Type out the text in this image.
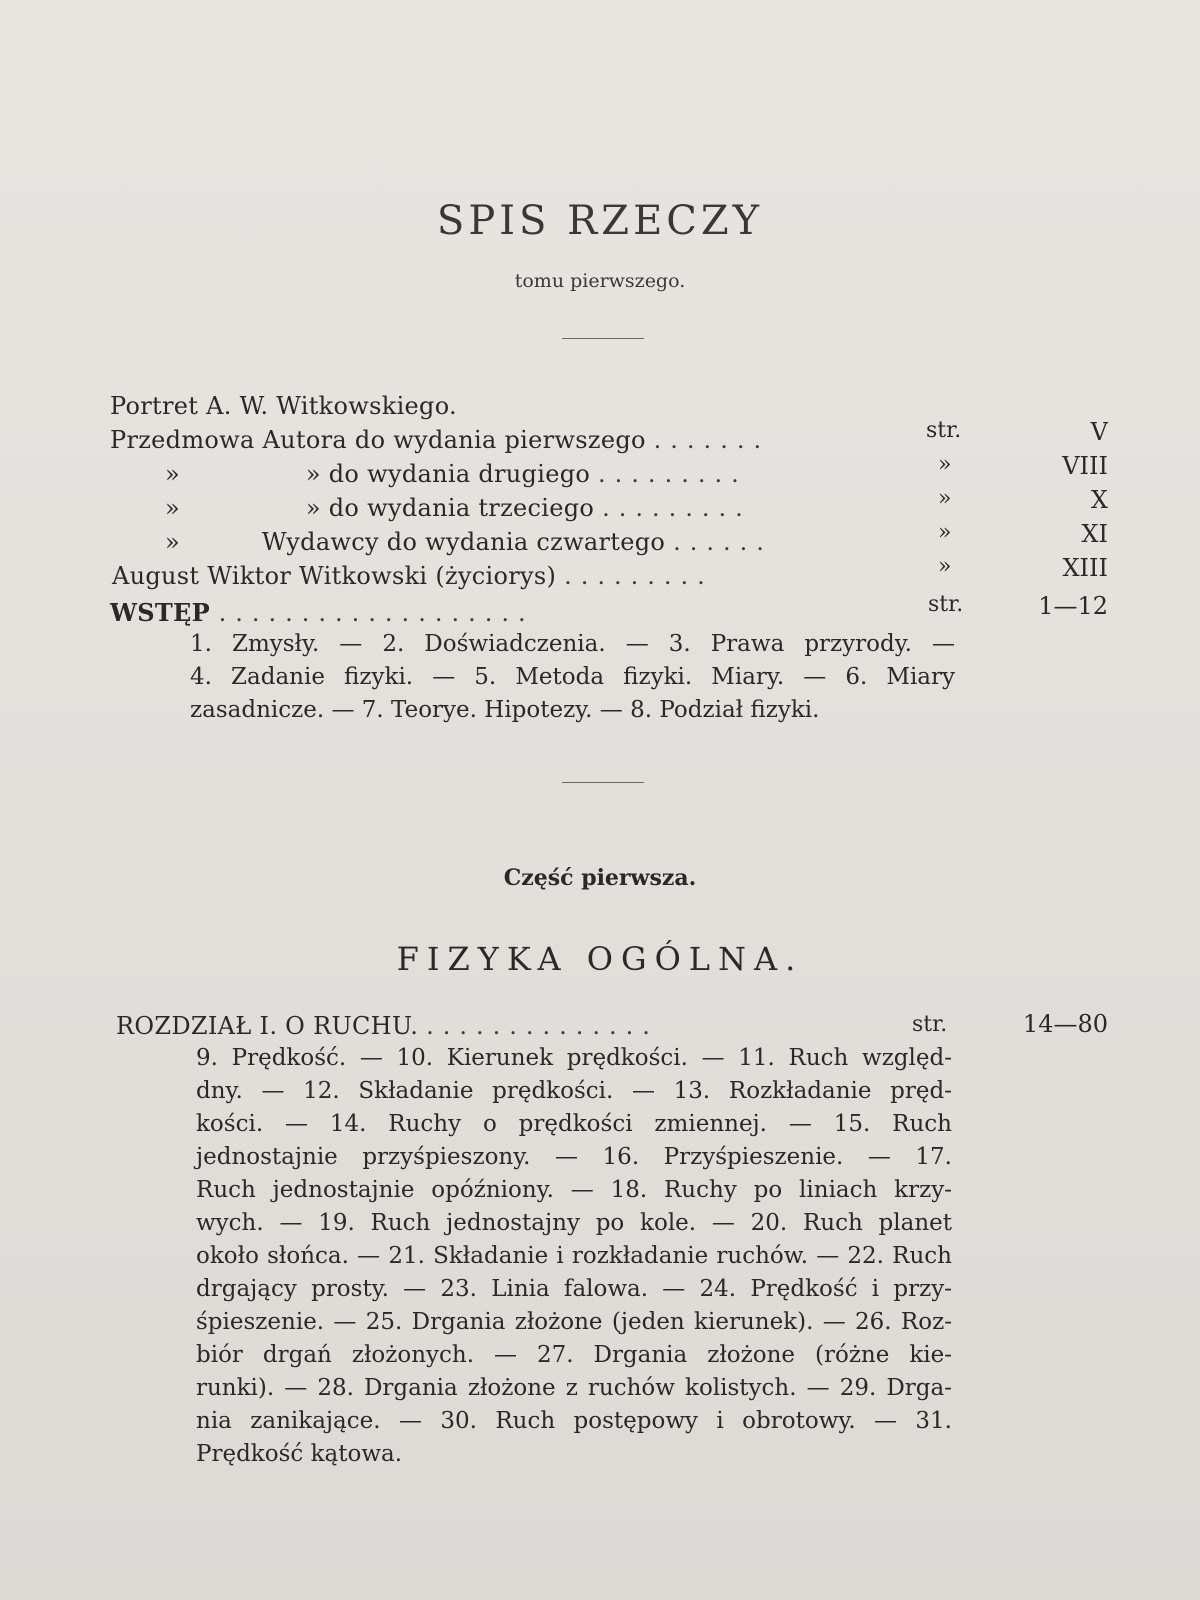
SPIS RZECZY
tomu pierwszego.
Portret A. W. Witkowskiego.
Przedmowa Autora do wydania pierwszego .......	str.	V
»	» do wydania drugiego .........	»	VIII
»	» do wydania trzeciego .........	»	X
»	Wydawcy do wydania czwartego ......	»	XI
August Wiktor Witkowski (życiorys) .........	»	XIII
WSTĘP ...................	str.	1—12
1. Zmysły. — 2. Doświadczenia. — 3. Prawa przyrody. —
4. Zadanie fizyki. — 5. Metoda fizyki. Miary. — 6. Miary
zasadnicze. — 7. Teorye. Hipotezy. — 8. Podział fizyki.
Część pierwsza.
FIZYKA OGÓLNA.
ROZDZIAŁ I. O RUCHU. ..............	str.	14—80
9. Prędkość. — 10. Kierunek prędkości. — 11. Ruch względ-
dny. — 12. Składanie prędkości. — 13. Rozkładanie pręd-
kości. — 14. Ruchy o prędkości zmiennej. — 15. Ruch
jednostajnie przyśpieszony. — 16. Przyśpieszenie. — 17.
Ruch jednostajnie opóźniony. — 18. Ruchy po liniach krzy-
wych. — 19. Ruch jednostajny po kole. — 20. Ruch planet
około słońca. — 21. Składanie i rozkładanie ruchów. — 22. Ruch
drgający prosty. — 23. Linia falowa. — 24. Prędkość i przy-
śpieszenie. — 25. Drgania złożone (jeden kierunek). — 26. Roz-
biór drgań złożonych. — 27. Drgania złożone (różne kie-
runki). — 28. Drgania złożone z ruchów kolistych. — 29. Drga-
nia zanikające. — 30. Ruch postępowy i obrotowy. — 31.
Prędkość kątowa.
